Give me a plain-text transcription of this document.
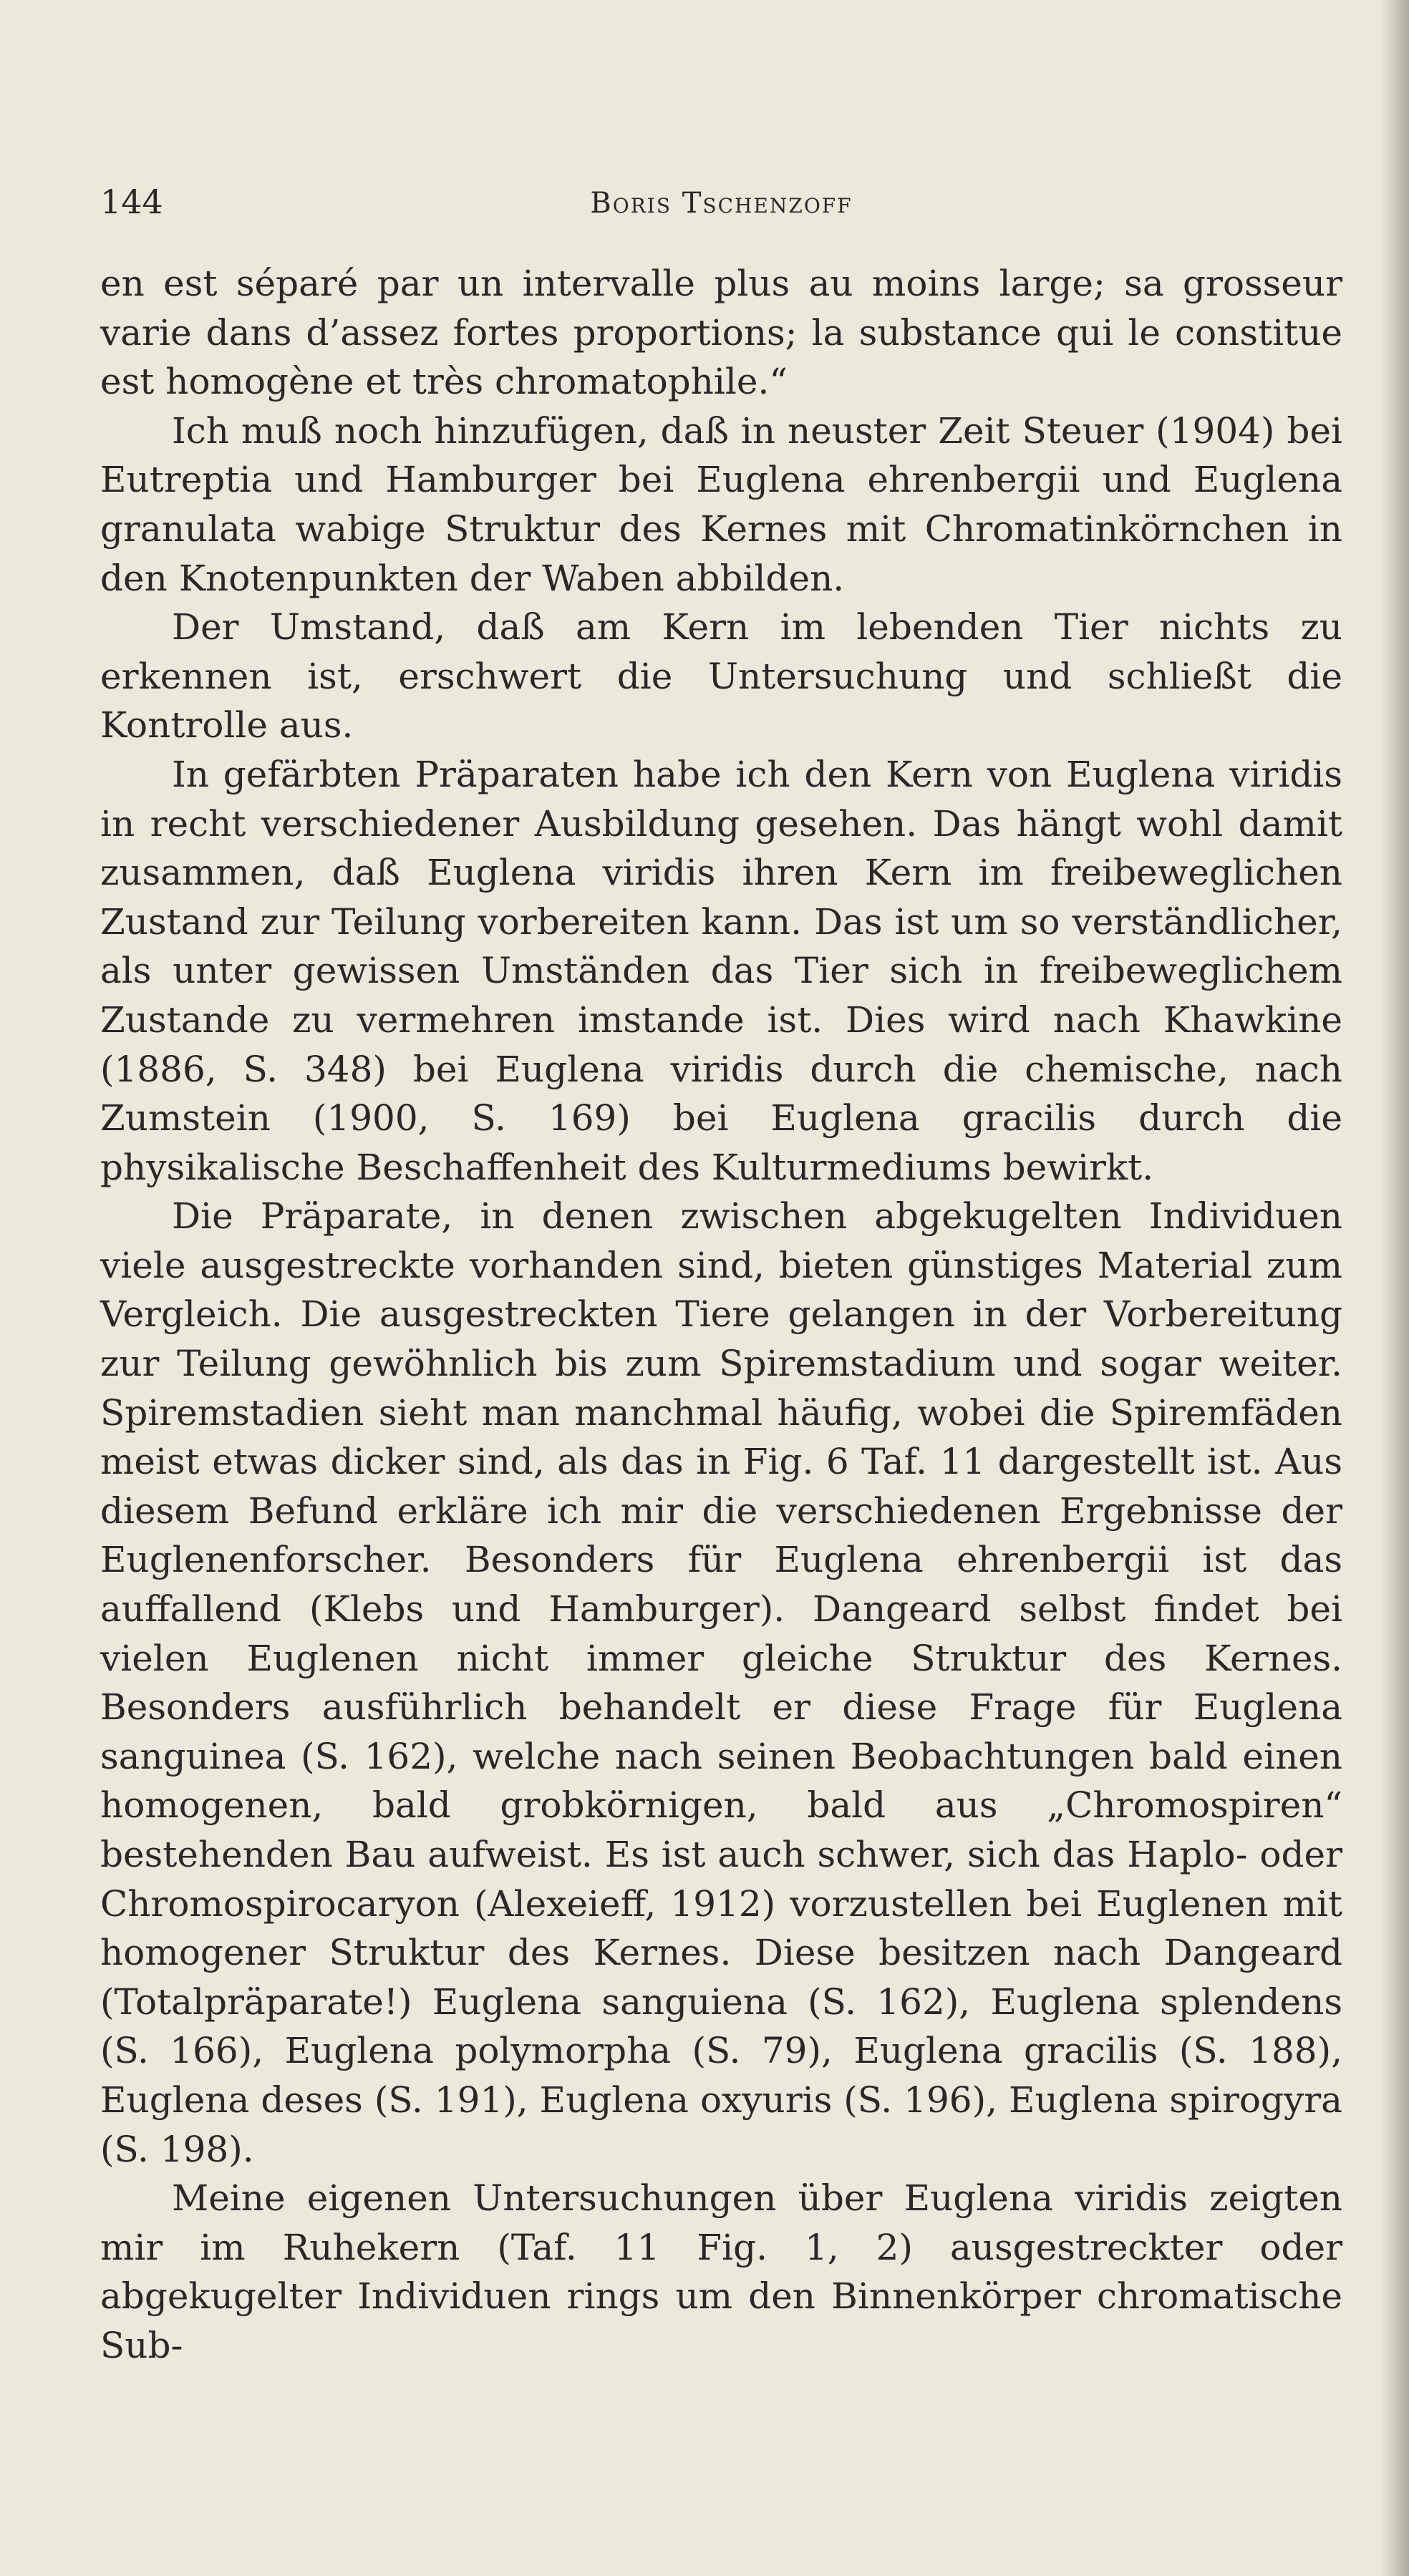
144	Boris Tschenzoff

en est séparé par un intervalle plus au moins large; sa grosseur varie dans d’assez fortes proportions; la substance qui le constitue est homogène et très chromatophile.“

Ich muß noch hinzufügen, daß in neuster Zeit Steuer (1904) bei Eutreptia und Hamburger bei Euglena ehrenbergii und Euglena granulata wabige Struktur des Kernes mit Chromatinkörnchen in den Knotenpunkten der Waben abbilden.

Der Umstand, daß am Kern im lebenden Tier nichts zu erkennen ist, erschwert die Untersuchung und schließt die Kontrolle aus.

In gefärbten Präparaten habe ich den Kern von Euglena viridis in recht verschiedener Ausbildung gesehen. Das hängt wohl damit zusammen, daß Euglena viridis ihren Kern im freibeweglichen Zustand zur Teilung vorbereiten kann. Das ist um so verständlicher, als unter gewissen Umständen das Tier sich in freibeweglichem Zustande zu vermehren imstande ist. Dies wird nach Khawkine (1886, S. 348) bei Euglena viridis durch die chemische, nach Zumstein (1900, S. 169) bei Euglena gracilis durch die physikalische Beschaffenheit des Kulturmediums bewirkt.

Die Präparate, in denen zwischen abgekugelten Individuen viele ausgestreckte vorhanden sind, bieten günstiges Material zum Vergleich. Die ausgestreckten Tiere gelangen in der Vorbereitung zur Teilung gewöhnlich bis zum Spiremstadium und sogar weiter. Spiremstadien sieht man manchmal häufig, wobei die Spiremfäden meist etwas dicker sind, als das in Fig. 6 Taf. 11 dargestellt ist. Aus diesem Befund erkläre ich mir die verschiedenen Ergebnisse der Euglenenforscher. Besonders für Euglena ehrenbergii ist das auffallend (Klebs und Hamburger). Dangeard selbst findet bei vielen Euglenen nicht immer gleiche Struktur des Kernes. Besonders ausführlich behandelt er diese Frage für Euglena sanguinea (S. 162), welche nach seinen Beobachtungen bald einen homogenen, bald grobkörnigen, bald aus „Chromospiren“ bestehenden Bau aufweist. Es ist auch schwer, sich das Haplo- oder Chromospirocaryon (Alexeieff, 1912) vorzustellen bei Euglenen mit homogener Struktur des Kernes. Diese besitzen nach Dangeard (Totalpräparate!) Euglena sanguiena (S. 162), Euglena splendens (S. 166), Euglena polymorpha (S. 79), Euglena gracilis (S. 188), Euglena deses (S. 191), Euglena oxyuris (S. 196), Euglena spirogyra (S. 198).

Meine eigenen Untersuchungen über Euglena viridis zeigten mir im Ruhekern (Taf. 11 Fig. 1, 2) ausgestreckter oder abgekugelter Individuen rings um den Binnenkörper chromatische Sub-
